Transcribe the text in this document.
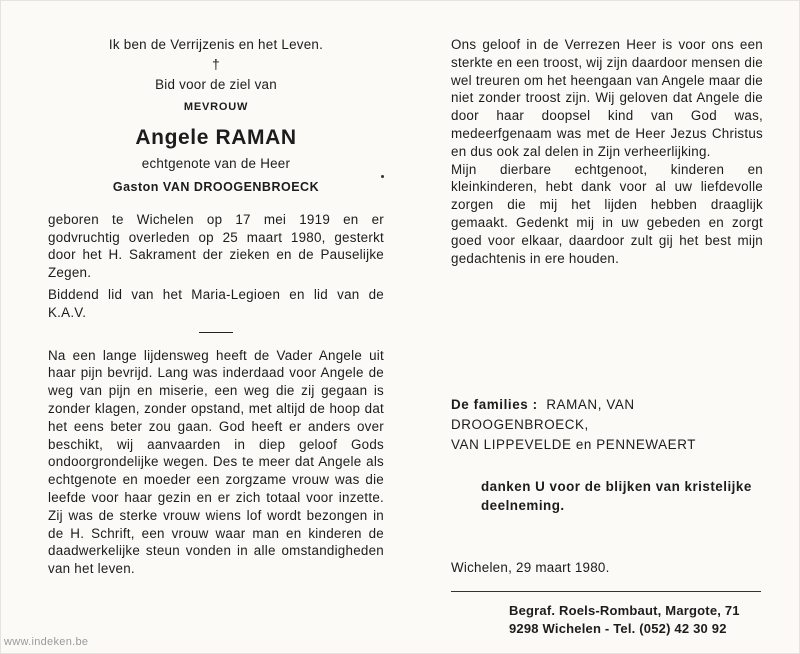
Ik ben de Verrijzenis en het Leven.
†
Bid voor de ziel van
MEVROUW
Angele RAMAN
echtgenote van de Heer
Gaston VAN DROOGENBROECK

geboren te Wichelen op 17 mei 1919 en er godvruchtig overleden op 25 maart 1980, gesterkt door het H. Sakrament der zieken en de Pauselijke Zegen.

Biddend lid van het Maria-Legioen en lid van de K.A.V.

Na een lange lijdensweg heeft de Vader Angele uit haar pijn bevrijd. Lang was inderdaad voor Angele de weg van pijn en miserie, een weg die zij gegaan is zonder klagen, zonder opstand, met altijd de hoop dat het eens beter zou gaan. God heeft er anders over beschikt, wij aanvaarden in diep geloof Gods ondoorgrondelijke wegen. Des te meer dat Angele als echtgenote en moeder een zorgzame vrouw was die leefde voor haar gezin en er zich totaal voor inzette. Zij was de sterke vrouw wiens lof wordt bezongen in de H. Schrift, een vrouw waar man en kinderen de daadwerkelijke steun vonden in alle omstandigheden van het leven.

Ons geloof in de Verrezen Heer is voor ons een sterkte en een troost, wij zijn daardoor mensen die wel treuren om het heengaan van Angele maar die niet zonder troost zijn. Wij geloven dat Angele die door haar doopsel kind van God was, medeerfgenaam was met de Heer Jezus Christus en dus ook zal delen in Zijn verheerlijking.

Mijn dierbare echtgenoot, kinderen en kleinkinderen, hebt dank voor al uw liefdevolle zorgen die mij het lijden hebben draaglijk gemaakt. Gedenkt mij in uw gebeden en zorgt goed voor elkaar, daardoor zult gij het best mijn gedachtenis in ere houden.

De families : RAMAN, VAN DROOGENBROECK,
VAN LIPPEVELDE en PENNEWAERT
danken U voor de blijken van kristelijke deelneming.
Wichelen, 29 maart 1980.
Begraf. Roels-Rombaut, Margote, 71
9298 Wichelen - Tel. (052) 42 30 92
www.indeken.be
